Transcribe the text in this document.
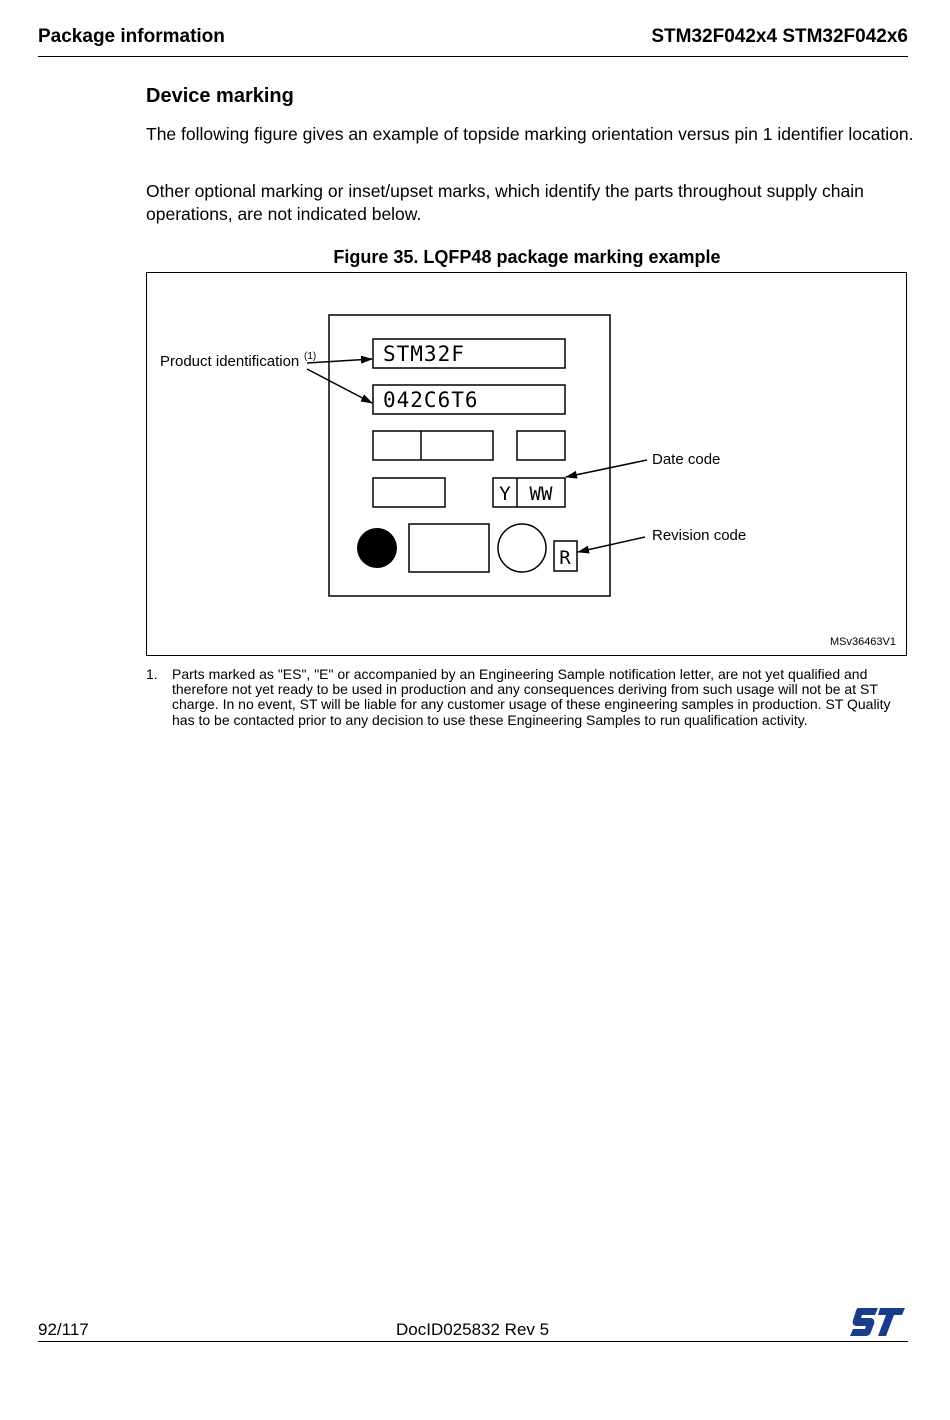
Package information	STM32F042x4 STM32F042x6
Device marking
The following figure gives an example of topside marking orientation versus pin 1 identifier location.
Other optional marking or inset/upset marks, which identify the parts throughout supply chain operations, are not indicated below.
Figure 35. LQFP48 package marking example
STM32F
042C6T6
Y WW
R
Product identification (1)
Date code
Revision code
MSv36463V1
1. Parts marked as "ES", "E" or accompanied by an Engineering Sample notification letter, are not yet qualified and therefore not yet ready to be used in production and any consequences deriving from such usage will not be at ST charge. In no event, ST will be liable for any customer usage of these engineering samples in production. ST Quality has to be contacted prior to any decision to use these Engineering Samples to run qualification activity.
92/117	DocID025832 Rev 5
